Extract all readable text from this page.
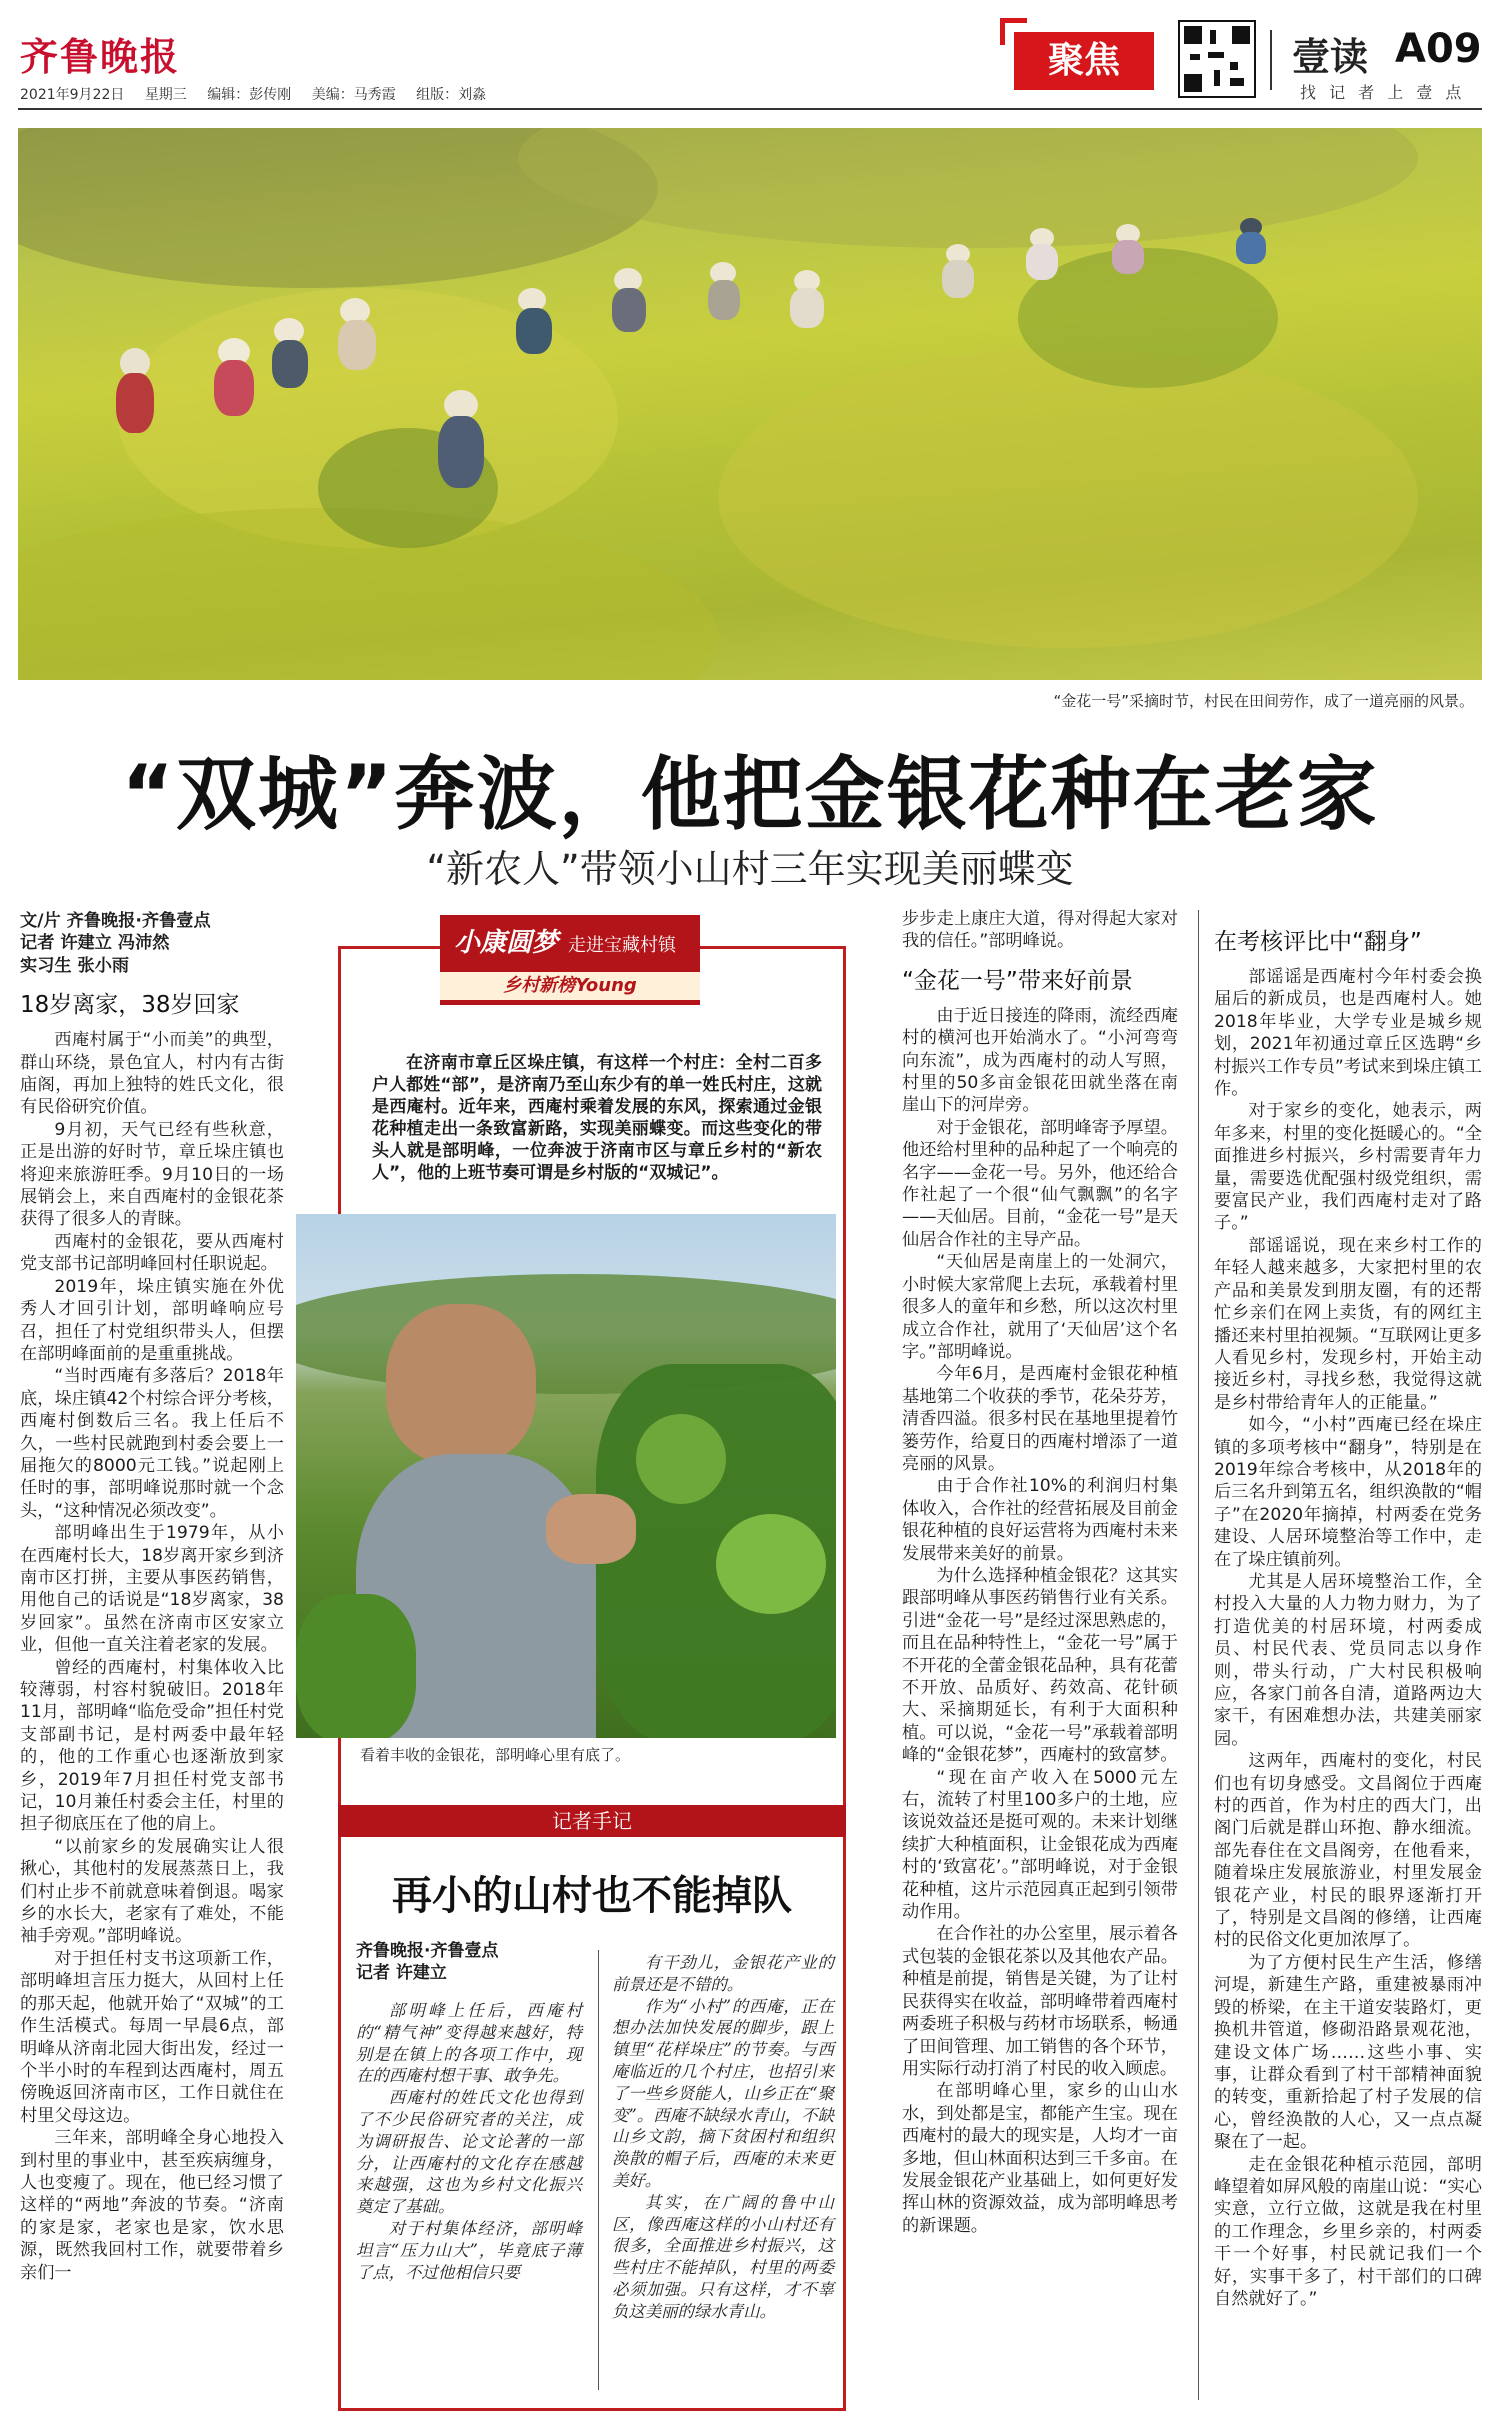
齐鲁晚报
2021年9月22日 星期三 编辑：彭传刚 美编：马秀霞 组版：刘淼
聚焦	壹读 A09
找 记 者 上 壹 点
“金花一号”采摘时节，村民在田间劳作，成了一道亮丽的风景。
“双城”奔波，他把金银花种在老家
“新农人”带领小山村三年实现美丽蝶变

文/片 齐鲁晚报·齐鲁壹点

记者 许建立 冯沛然

实习生 张小雨

18岁离家，38岁回家

西庵村属于“小而美”的典型，群山环绕，景色宜人，村内有古街庙阁，再加上独特的姓氏文化，很有民俗研究价值。

9月初，天气已经有些秋意，正是出游的好时节，章丘垛庄镇也将迎来旅游旺季。9月10日的一场展销会上，来自西庵村的金银花茶获得了很多人的青睐。

西庵村的金银花，要从西庵村党支部书记部明峰回村任职说起。

2019年，垛庄镇实施在外优秀人才回引计划，部明峰响应号召，担任了村党组织带头人，但摆在部明峰面前的是重重挑战。

“当时西庵有多落后？2018年底，垛庄镇42个村综合评分考核，西庵村倒数后三名。我上任后不久，一些村民就跑到村委会要上一届拖欠的8000元工钱。”说起刚上任时的事，部明峰说那时就一个念头，“这种情况必须改变”。

部明峰出生于1979年，从小在西庵村长大，18岁离开家乡到济南市区打拼，主要从事医药销售，用他自己的话说是“18岁离家，38岁回家”。虽然在济南市区安家立业，但他一直关注着老家的发展。

曾经的西庵村，村集体收入比较薄弱，村容村貌破旧。2018年11月，部明峰“临危受命”担任村党支部副书记，是村两委中最年轻的，他的工作重心也逐渐放到家乡，2019年7月担任村党支部书记，10月兼任村委会主任，村里的担子彻底压在了他的肩上。

“以前家乡的发展确实让人很揪心，其他村的发展蒸蒸日上，我们村止步不前就意味着倒退。喝家乡的水长大，老家有了难处，不能袖手旁观。”部明峰说。

对于担任村支书这项新工作，部明峰坦言压力挺大，从回村上任的那天起，他就开始了“双城”的工作生活模式。每周一早晨6点，部明峰从济南北园大街出发，经过一个半小时的车程到达西庵村，周五傍晚返回济南市区，工作日就住在村里父母这边。

三年来，部明峰全身心地投入到村里的事业中，甚至疾病缠身，人也变瘦了。现在，他已经习惯了这样的“两地”奔波的节奏。“济南的家是家，老家也是家，饮水思源，既然我回村工作，就要带着乡亲们一

小康圆梦 走进宝藏村镇
乡村新榜Young

在济南市章丘区垛庄镇，有这样一个村庄：全村二百多户人都姓“部”，是济南乃至山东少有的单一姓氏村庄，这就是西庵村。近年来，西庵村乘着发展的东风，探索通过金银花种植走出一条致富新路，实现美丽蝶变。而这些变化的带头人就是部明峰，一位奔波于济南市区与章丘乡村的“新农人”，他的上班节奏可谓是乡村版的“双城记”。

看着丰收的金银花，部明峰心里有底了。
记者手记
再小的山村也不能掉队
齐鲁晚报·齐鲁壹点
记者 许建立

部明峰上任后，西庵村的“精气神”变得越来越好，特别是在镇上的各项工作中，现在的西庵村想干事、敢争先。

西庵村的姓氏文化也得到了不少民俗研究者的关注，成为调研报告、论文论著的一部分，让西庵村的文化存在感越来越强，这也为乡村文化振兴奠定了基础。

对于村集体经济，部明峰坦言“压力山大”，毕竟底子薄了点，不过他相信只要

有干劲儿，金银花产业的前景还是不错的。

作为“小村”的西庵，正在想办法加快发展的脚步，跟上镇里“花样垛庄”的节奏。与西庵临近的几个村庄，也招引来了一些乡贤能人，山乡正在“聚变”。西庵不缺绿水青山，不缺山乡文韵，摘下贫困村和组织涣散的帽子后，西庵的未来更美好。

其实，在广阔的鲁中山区，像西庵这样的小山村还有很多，全面推进乡村振兴，这些村庄不能掉队，村里的两委必须加强。只有这样，才不辜负这美丽的绿水青山。

步步走上康庄大道，得对得起大家对我的信任。”部明峰说。

“金花一号”带来好前景

由于近日接连的降雨，流经西庵村的横河也开始淌水了。“小河弯弯向东流”，成为西庵村的动人写照，村里的50多亩金银花田就坐落在南崖山下的河岸旁。

对于金银花，部明峰寄予厚望。他还给村里种的品种起了一个响亮的名字——金花一号。另外，他还给合作社起了一个很“仙气飘飘”的名字——天仙居。目前，“金花一号”是天仙居合作社的主导产品。

“天仙居是南崖上的一处洞穴，小时候大家常爬上去玩，承载着村里很多人的童年和乡愁，所以这次村里成立合作社，就用了‘天仙居’这个名字。”部明峰说。

今年6月，是西庵村金银花种植基地第二个收获的季节，花朵芬芳，清香四溢。很多村民在基地里提着竹篓劳作，给夏日的西庵村增添了一道亮丽的风景。

由于合作社10%的利润归村集体收入，合作社的经营拓展及目前金银花种植的良好运营将为西庵村未来发展带来美好的前景。

为什么选择种植金银花？这其实跟部明峰从事医药销售行业有关系。引进“金花一号”是经过深思熟虑的，而且在品种特性上，“金花一号”属于不开花的全蕾金银花品种，具有花蕾不开放、品质好、药效高、花针硕大、采摘期延长，有利于大面积种植。可以说，“金花一号”承载着部明峰的“金银花梦”，西庵村的致富梦。

“现在亩产收入在5000元左右，流转了村里100多户的土地，应该说效益还是挺可观的。未来计划继续扩大种植面积，让金银花成为西庵村的‘致富花’。”部明峰说，对于金银花种植，这片示范园真正起到引领带动作用。

在合作社的办公室里，展示着各式包装的金银花茶以及其他农产品。种植是前提，销售是关键，为了让村民获得实在收益，部明峰带着西庵村两委班子积极与药材市场联系，畅通了田间管理、加工销售的各个环节，用实际行动打消了村民的收入顾虑。

在部明峰心里，家乡的山山水水，到处都是宝，都能产生宝。现在西庵村的最大的现实是，人均才一亩多地，但山林面积达到三千多亩。在发展金银花产业基础上，如何更好发挥山林的资源效益，成为部明峰思考的新课题。

在考核评比中“翻身”

部谣谣是西庵村今年村委会换届后的新成员，也是西庵村人。她2018年毕业，大学专业是城乡规划，2021年初通过章丘区选聘“乡村振兴工作专员”考试来到垛庄镇工作。

对于家乡的变化，她表示，两年多来，村里的变化挺暖心的。“全面推进乡村振兴，乡村需要青年力量，需要选优配强村级党组织，需要富民产业，我们西庵村走对了路子。”

部谣谣说，现在来乡村工作的年轻人越来越多，大家把村里的农产品和美景发到朋友圈，有的还帮忙乡亲们在网上卖货，有的网红主播还来村里拍视频。“互联网让更多人看见乡村，发现乡村，开始主动接近乡村，寻找乡愁，我觉得这就是乡村带给青年人的正能量。”

如今，“小村”西庵已经在垛庄镇的多项考核中“翻身”，特别是在2019年综合考核中，从2018年的后三名升到第五名，组织涣散的“帽子”在2020年摘掉，村两委在党务建设、人居环境整治等工作中，走在了垛庄镇前列。

尤其是人居环境整治工作，全村投入大量的人力物力财力，为了打造优美的村居环境，村两委成员、村民代表、党员同志以身作则，带头行动，广大村民积极响应，各家门前各自清，道路两边大家干，有困难想办法，共建美丽家园。

这两年，西庵村的变化，村民们也有切身感受。文昌阁位于西庵村的西首，作为村庄的西大门，出阁门后就是群山环抱、静水细流。部先春住在文昌阁旁，在他看来，随着垛庄发展旅游业，村里发展金银花产业，村民的眼界逐渐打开了，特别是文昌阁的修缮，让西庵村的民俗文化更加浓厚了。

为了方便村民生产生活，修缮河堤，新建生产路，重建被暴雨冲毁的桥梁，在主干道安装路灯，更换机井管道，修砌沿路景观花池，建设文体广场……这些小事、实事，让群众看到了村干部精神面貌的转变，重新拾起了村子发展的信心，曾经涣散的人心，又一点点凝聚在了一起。

走在金银花种植示范园，部明峰望着如屏风般的南崖山说：“实心实意，立行立做，这就是我在村里的工作理念，乡里乡亲的，村两委干一个好事，村民就记我们一个好，实事干多了，村干部们的口碑自然就好了。”
